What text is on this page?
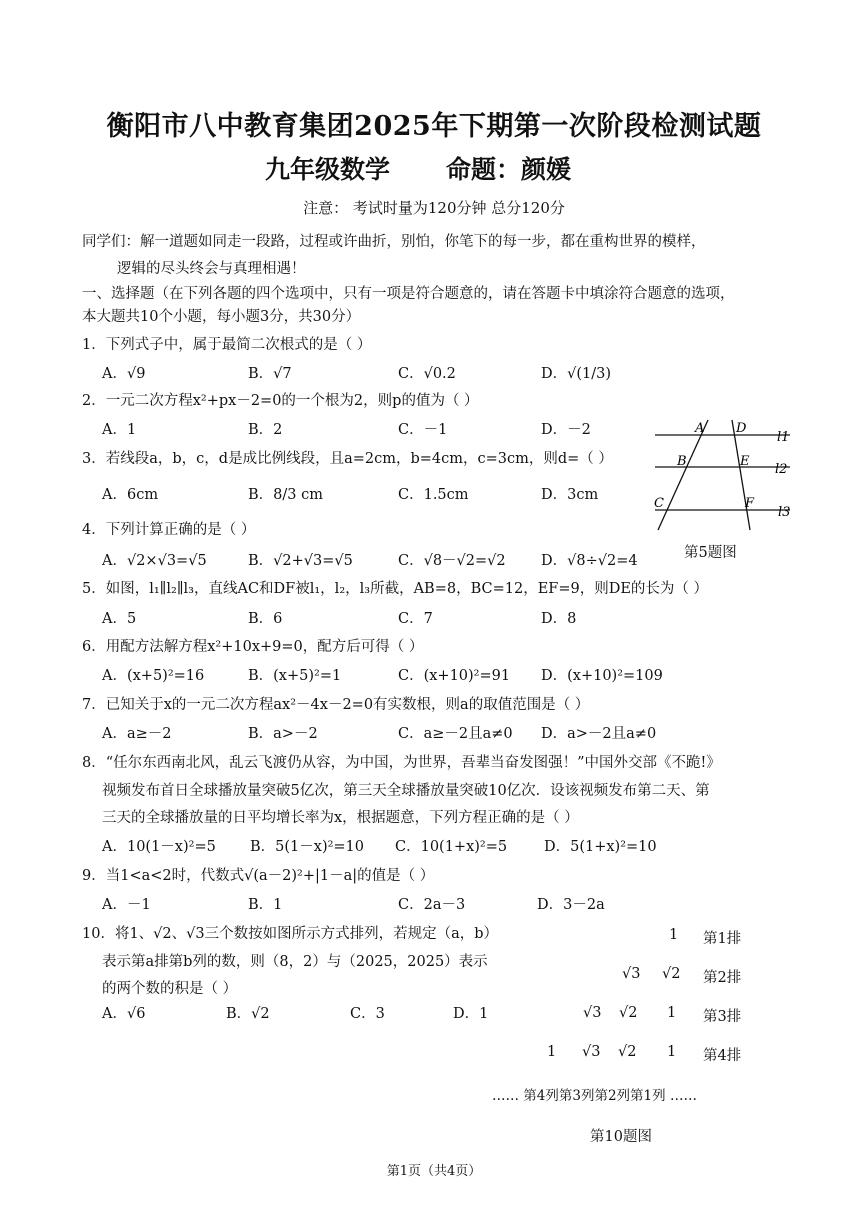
衡阳市八中教育集团2025年下期第一次阶段检测试题
九年级数学 命题：颜媛
注意： 考试时量为120分钟 总分120分
同学们：解一道题如同走一段路，过程或许曲折，别怕，你笔下的每一步，都在重构世界的模样，
逻辑的尽头终会与真理相遇！
一、选择题（在下列各题的四个选项中，只有一项是符合题意的，请在答题卡中填涂符合题意的选项，
本大题共10个小题，每小题3分，共30分）
1．下列式子中，属于最简二次根式的是（ ）
A．√9	B．√7	C．√0.2	D．√(1/3)
2．一元二次方程x²+px－2=0的一个根为2，则p的值为（ ）
A．1	B．2	C．－1	D．－2
3．若线段a，b，c，d是成比例线段，且a=2cm，b=4cm，c=3cm，则d=（ ）
A．6cm	B．8/3 cm	C．1.5cm	D．3cm
4．下列计算正确的是（ ）
A．√2×√3=√5	B．√2+√3=√5	C．√8－√2=√2 D．√8÷√2=4
A D
l1
B	E
l2
C	F
l3
第5题图
5．如图，l₁∥l₂∥l₃，直线AC和DF被l₁，l₂，l₃所截，AB=8，BC=12，EF=9，则DE的长为（ ）
A．5	B．6	C．7	D．8
6．用配方法解方程x²+10x+9=0，配方后可得（ ）
A．(x+5)²=16	B．(x+5)²=1	C．(x+10)²=91 D．(x+10)²=109
7．已知关于x的一元二次方程ax²－4x－2=0有实数根，则a的取值范围是（ ）
A．a≥－2	B．a>－2	C．a≥－2且a≠0 D．a>－2且a≠0
8．“任尔东西南北风，乱云飞渡仍从容，为中国，为世界，吾辈当奋发图强！”中国外交部《不跪!》
视频发布首日全球播放量突破5亿次，第三天全球播放量突破10亿次．设该视频发布第二天、第
三天的全球播放量的日平均增长率为x，根据题意，下列方程正确的是（ ）
A．10(1－x)²=5 B．5(1－x)²=10 C．10(1+x)²=5	D．5(1+x)²=10
9．当1<a<2时，代数式√(a－2)²+|1－a|的值是（ ）
A．－1	B．1	C．2a－3	D．3－2a
10．将1、√2、√3三个数按如图所示方式排列，若规定（a，b）
表示第a排第b列的数，则（8，2）与（2025，2025）表示
的两个数的积是（ ）
A．√6	B．√2	C．3	D．1
1 第1排
√3 √2 第2排
√3 √2 1 第3排
1 √3 √2 1 第4排
…… 第4列第3列第2列第1列 ……
第10题图
第1页（共4页）
